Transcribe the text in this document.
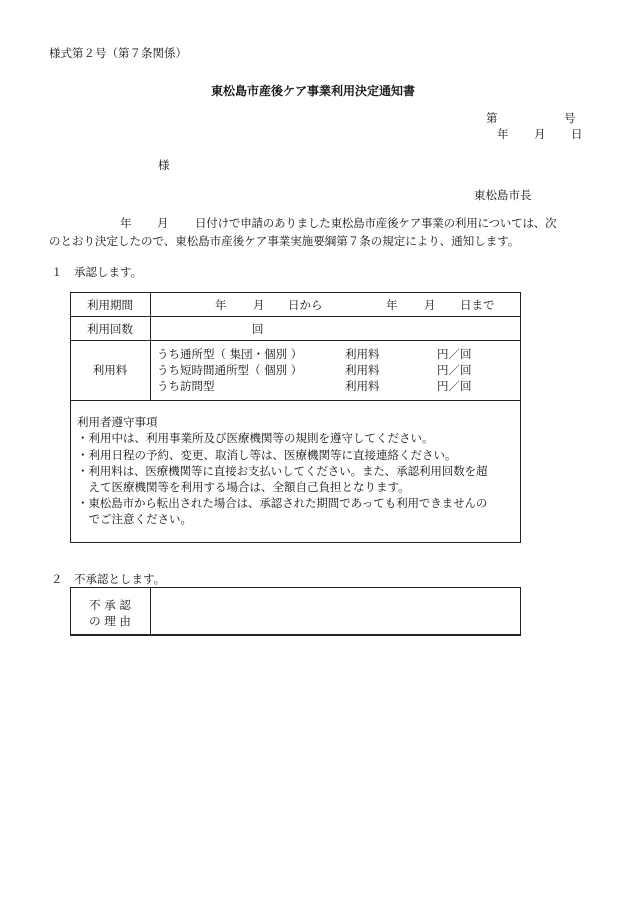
様式第２号（第７条関係）
東松島市産後ケア事業利用決定通知書
第	号
年 月 日
様
東松島市長
年 月 日付けで申請のありました東松島市産後ケア事業の利用については、次
のとおり決定したので、東松島市産後ケア事業実施要綱第７条の規定により、通知します。
１　承認します。
利用期間	年 月 日から	年 月 日まで
利用回数	回
利用料
うち通所型（ 集団・個別 ）	利用料	円／回
うち短時間通所型（ 個別 ）	利用料	円／回
うち訪問型	利用料	円／回
利用者遵守事項
・利用中は、利用事業所及び医療機関等の規則を遵守してください。
・利用日程の予約、変更、取消し等は、医療機関等に直接連絡ください。
・利用料は、医療機関等に直接お支払いしてください。また、承認利用回数を超
　えて医療機関等を利用する場合は、全額自己負担となります。
・東松島市から転出された場合は、承認された期間であっても利用できませんの
　でご注意ください。
２　不承認とします。
不 承 認
の 理 由
